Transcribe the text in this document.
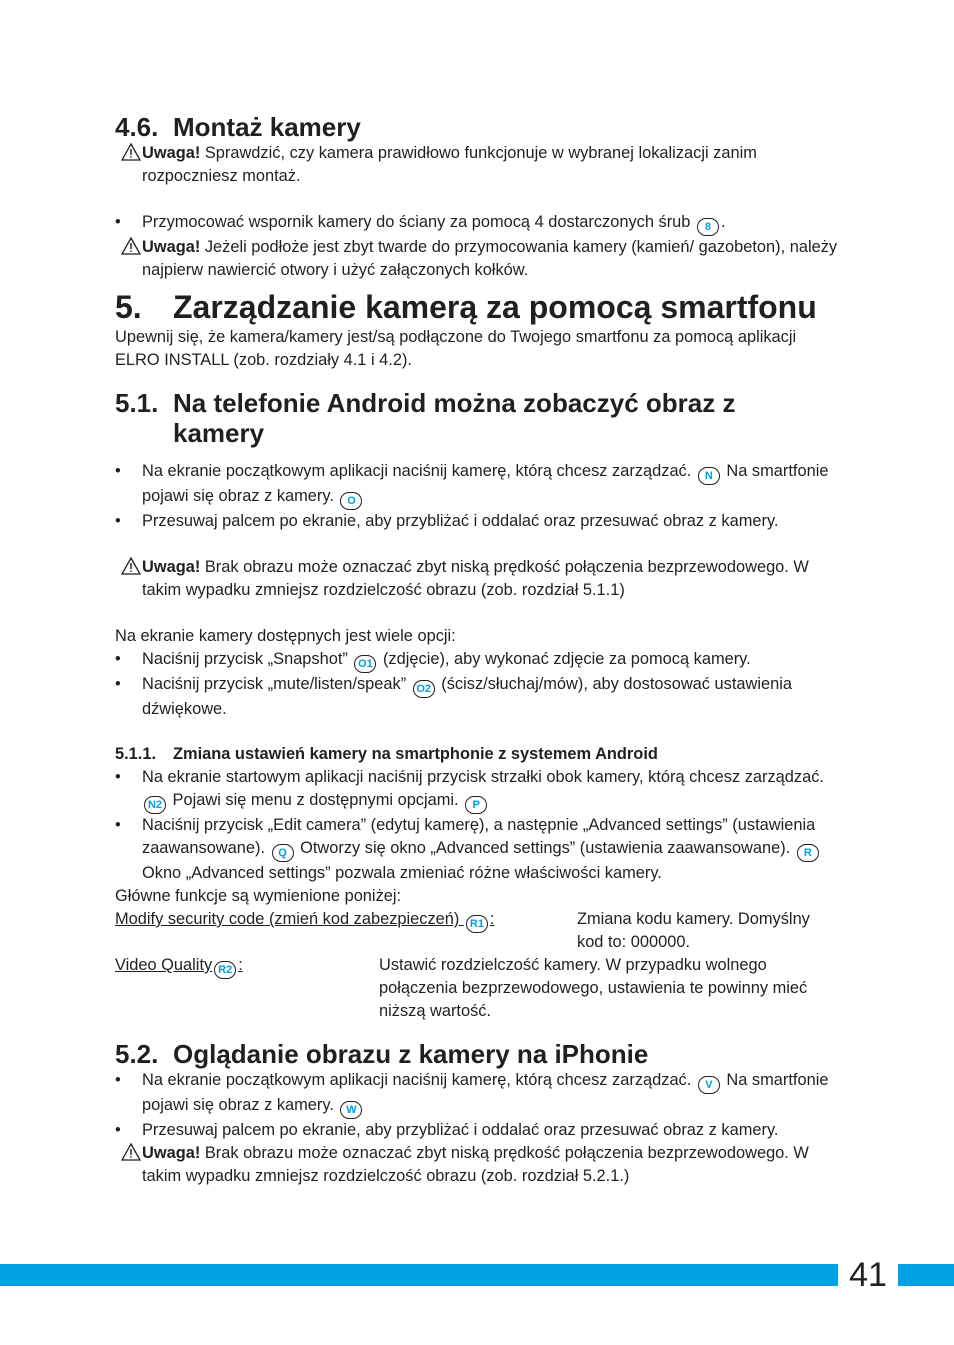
4.6. Montaż kamery
Uwaga! Sprawdzić, czy kamera prawidłowo funkcjonuje w wybranej lokalizacji zanim rozpoczniesz montaż.
•	Przymocować wspornik kamery do ściany za pomocą 4 dostarczonych śrub 8 .
Uwaga! Jeżeli podłoże jest zbyt twarde do przymocowania kamery (kamień/ gazobeton), należy najpierw nawiercić otwory i użyć załączonych kołków.
5. Zarządzanie kamerą za pomocą smartfonu

Upewnij się, że kamera/kamery jest/są podłączone do Twojego smartfonu za pomocą aplikacji ELRO INSTALL (zob. rozdziały 4.1 i 4.2).

5.1. Na telefonie Android można zobaczyć obraz z kamery
•	Na ekranie początkowym aplikacji naciśnij kamerę, którą chcesz zarządzać. N Na smartfonie pojawi się obraz z kamery. O
•	Przesuwaj palcem po ekranie, aby przybliżać i oddalać oraz przesuwać obraz z kamery.
Uwaga! Brak obrazu może oznaczać zbyt niską prędkość połączenia bezprzewodowego. W takim wypadku zmniejsz rozdzielczość obrazu (zob. rozdział 5.1.1)

Na ekranie kamery dostępnych jest wiele opcji:

•	Naciśnij przycisk „Snapshot” O1 (zdjęcie), aby wykonać zdjęcie za pomocą kamery.
•	Naciśnij przycisk „mute/listen/speak” O2 (ścisz/słuchaj/mów), aby dostosować ustawienia dźwiękowe.
5.1.1.	Zmiana ustawień kamery na smartphonie z systemem Android
•	Na ekranie startowym aplikacji naciśnij przycisk strzałki obok kamery, którą chcesz zarządzać. N2 Pojawi się menu z dostępnymi opcjami. P
•	Naciśnij przycisk „Edit camera” (edytuj kamerę), a następnie „Advanced settings” (ustawienia zaawansowane). Q Otworzy się okno „Advanced settings” (ustawienia zaawansowane). R Okno „Advanced settings” pozwala zmieniać różne właściwości kamery.

Główne funkcje są wymienione poniżej:

Modify security code (zmień kod zabezpieczeń) R1 :	Zmiana kodu kamery. Domyślny kod to: 000000.
Video Quality R2 :	Ustawić rozdzielczość kamery. W przypadku wolnego połączenia bezprzewodowego, ustawienia te powinny mieć niższą wartość.
5.2. Oglądanie obrazu z kamery na iPhonie
•	Na ekranie początkowym aplikacji naciśnij kamerę, którą chcesz zarządzać. V Na smartfonie pojawi się obraz z kamery. W
•	Przesuwaj palcem po ekranie, aby przybliżać i oddalać oraz przesuwać obraz z kamery.
Uwaga! Brak obrazu może oznaczać zbyt niską prędkość połączenia bezprzewodowego. W takim wypadku zmniejsz rozdzielczość obrazu (zob. rozdział 5.2.1.)
41
